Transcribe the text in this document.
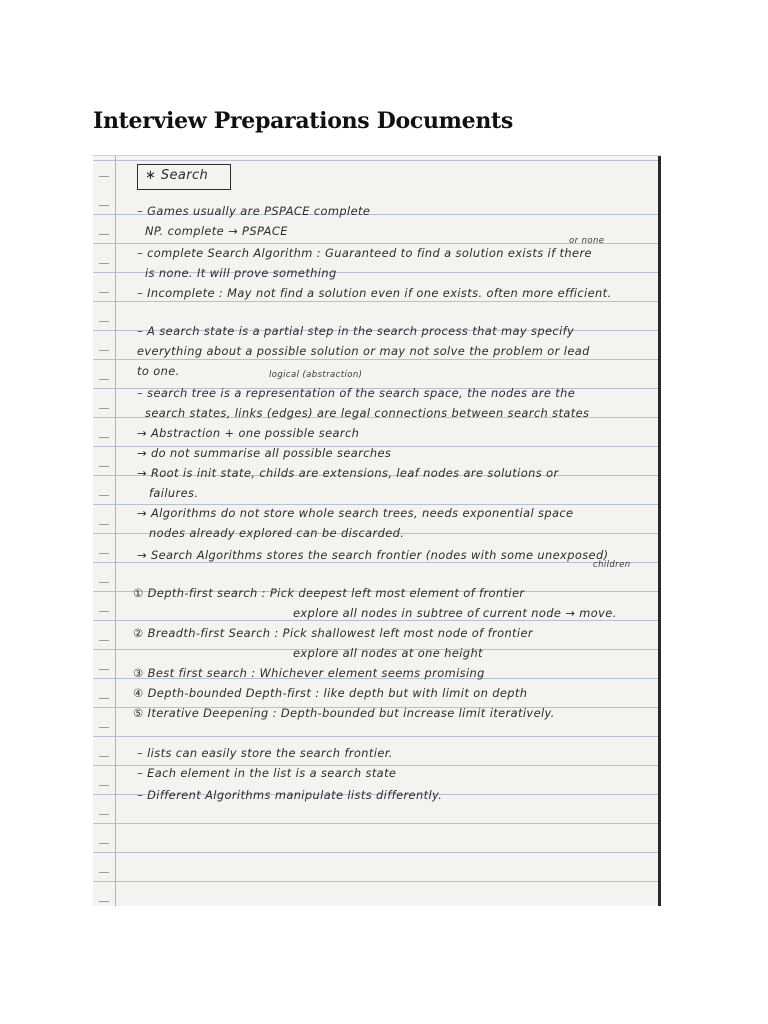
Interview Preparations Documents
∗ Search
– Games usually are PSPACE complete
NP. complete → PSPACE
or none
– complete Search Algorithm : Guaranteed to find a solution exists if there
is none. It will prove something
– Incomplete : May not find a solution even if one exists. often more efficient.
– A search state is a partial step in the search process that may specify
everything about a possible solution or may not solve the problem or lead
to one.	logical (abstraction)
– search tree is a representation of the search space, the nodes are the
search states, links (edges) are legal connections between search states
→ Abstraction + one possible search
→ do not summarise all possible searches
→ Root is init state, childs are extensions, leaf nodes are solutions or
failures.
→ Algorithms do not store whole search trees, needs exponential space
nodes already explored can be discarded.
→ Search Algorithms stores the search frontier (nodes with some unexposed)
children
① Depth-first search : Pick deepest left most element of frontier
explore all nodes in subtree of current node → move.
② Breadth-first Search : Pick shallowest left most node of frontier
explore all nodes at one height
③ Best first search : Whichever element seems promising
④ Depth-bounded Depth-first : like depth but with limit on depth
⑤ Iterative Deepening : Depth-bounded but increase limit iteratively.
– lists can easily store the search frontier.
– Each element in the list is a search state
– Different Algorithms manipulate lists differently.
